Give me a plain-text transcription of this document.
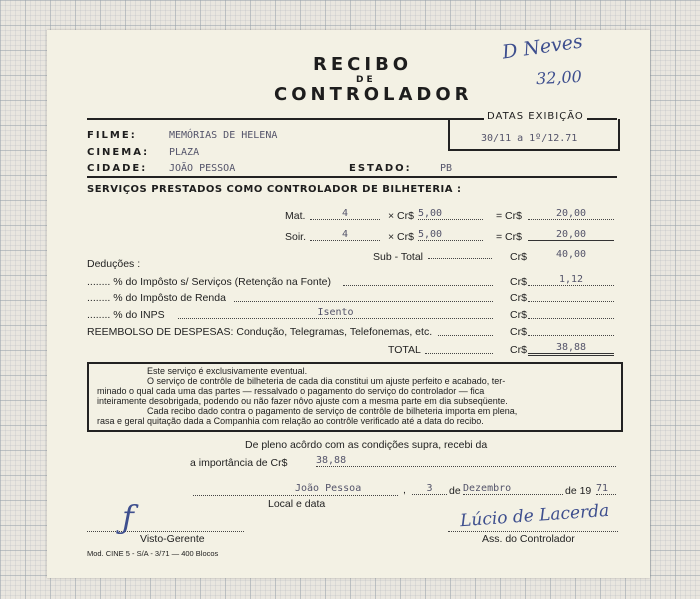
RECIBO
DE
CONTROLADOR
D Neves
32,00
DATAS EXIBIÇÃO
30/11 a 1º/12.71
FILME:	MEMÓRIAS DE HELENA
CINEMA: PLAZA
CIDADE: JOÃO PESSOA	ESTADO:	PB
SERVIÇOS PRESTADOS COMO CONTROLADOR DE BILHETERIA :
Mat.	4	× Cr$ 5,00	= Cr$	20,00
Soir.	4	× Cr$ 5,00	= Cr$	20,00
Sub - Total	Cr$	40,00
Deduções :
........ % do Impôsto s/ Serviços (Retenção na Fonte)	Cr$	1,12
........ % do Impôsto de Renda	Cr$
........ % do INPS	Isento	Cr$
REEMBOLSO DE DESPESAS: Condução, Telegramas, Telefonemas, etc.	Cr$
TOTAL	Cr$	38,88
Este serviço é exclusivamente eventual.
O serviço de contrôle de bilheteria de cada dia constitui um ajuste perfeito e acabado, ter-
minado o qual cada uma das partes — ressalvado o pagamento do serviço do controlador — fica
inteiramente desobrigada, podendo ou não fazer nôvo ajuste com a mesma parte em dia subseqüente.
Cada recibo dado contra o pagamento de serviço de contrôle de bilheteria importa em plena,
rasa e geral quitação dada a Companhia com relação ao contrôle verificado até a data do recibo.
De pleno acôrdo com as condições supra, recebi da
a importância de Cr$	38,88
João Pessoa	,	3	de Dezembro	de 19 71
Local e data
ƒ
Visto-Gerente
Lúcio de Lacerda
Ass. do Controlador
Mod. CINE 5 - S/A - 3/71 — 400 Blocos
